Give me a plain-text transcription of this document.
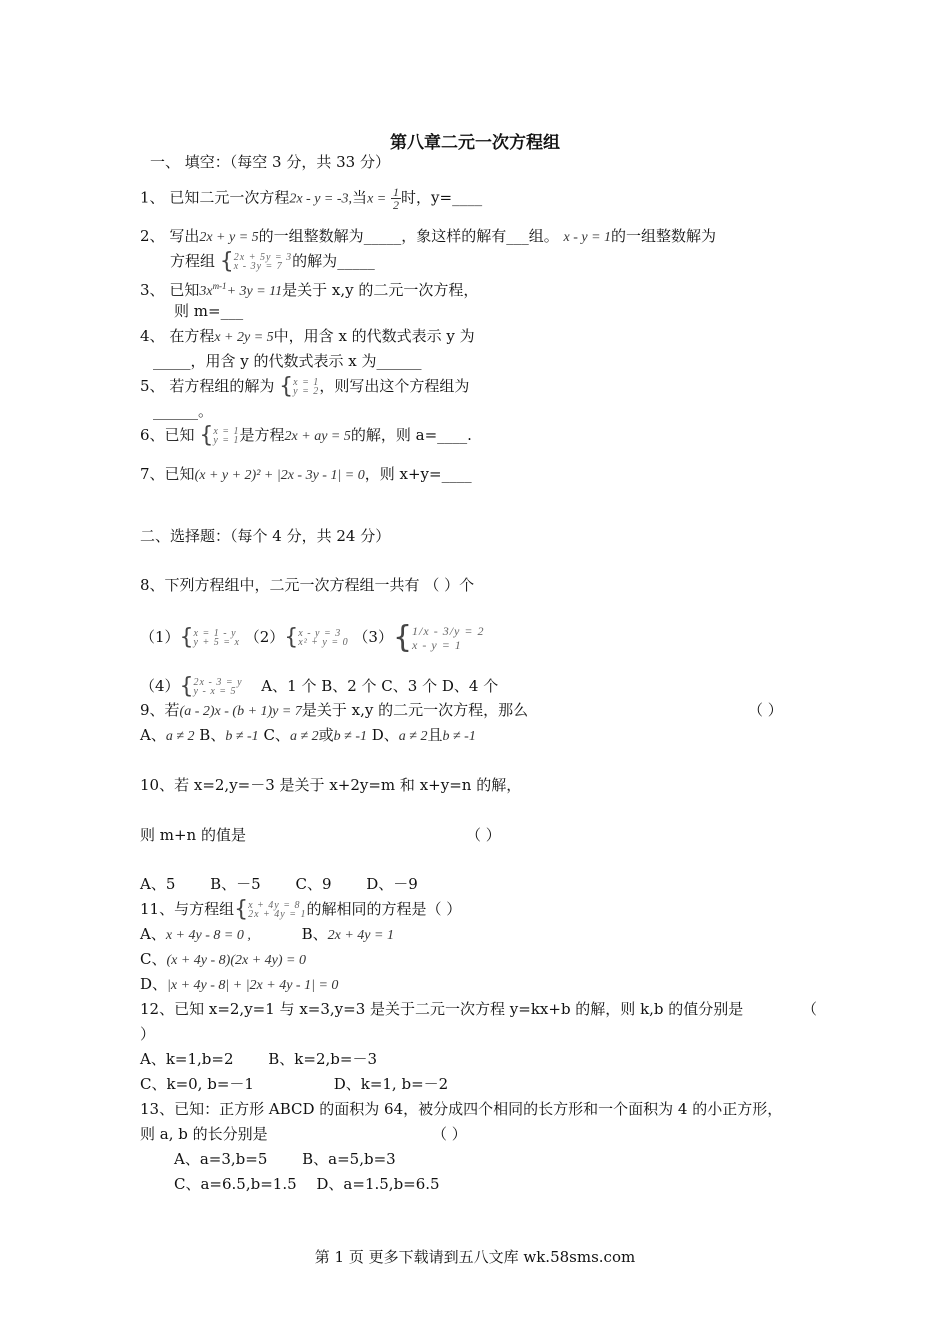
第八章二元一次方程组
一、 填空：（每空 3 分，共 33 分）
1、 已知二元一次方程2x - y = -3,当$x = \frac{1}{2}$ 时，y=____
2、 写出2x + y = 5的一组整数解为_____，象这样的解有___组。 x - y = 1的一组整数解为
方程组 {2x + 5y = 3
x - 3y = 7 的解为_____
3、 已知$3x^{m-1}+ 3y = 11$是关于 x,y 的二元一次方程，
则 m=___
4、 在方程x + 2y = 5中，用含 x 的代数式表示 y 为
_____，用含 y 的代数式表示 x 为______
5、 若方程组的解为 {x = 1
y = 2，则写出这个方程组为
______。
6、已知 {x = 1
y = 1是方程2x + ay = 5的解，则 a=____.
7、已知(x + y + 2)² + |2x - 3y - 1| = 0，则 x+y=____
二、选择题：（每个 4 分，共 24 分）
8、下列方程组中，二元一次方程组一共有 （ ）个
（1）{x = 1 - y
y + 5 = x （2）{x - y = 3
x² + y = 0 （3）{1/x - 3/y = 2
x - y = 1
（4）{2x - 3 = y
y - x = 5 A、1 个 B、2 个 C、3 个 D、4 个
9、若(a - 2)x - (b + 1)y = 7是关于 x,y 的二元一次方程，那么	（ ）
A、a ≠ 2 B、b ≠ -1 C、a ≠ 2或b ≠ -1 D、a ≠ 2且b ≠ -1
10、若 x=2,y=－3 是关于 x+2y=m 和 x+y=n 的解，
则 m+n 的值是	（ ）
A、5　　 B、－5　　 C、9　　 D、－9
11、与方程组{x + 4y = 8
2x + 4y = 1的解相同的方程是（ ）
A、x + 4y - 8 = 0 ,	B、2x + 4y = 1
C、(x + 4y - 8)(2x + 4y) = 0
D、|x + 4y - 8| + |2x + 4y - 1| = 0
12、已知 x=2,y=1 与 x=3,y=3 是关于二元一次方程 y=kx+b 的解，则 k,b 的值分别是	（
）
A、k=1,b=2　　 B、k=2,b=－3
C、k=0, b=－1　　　　　 D、k=1, b=－2
13、已知：正方形 ABCD 的面积为 64，被分成四个相同的长方形和一个面积为 4 的小正方形，
则 a, b 的长分别是	（ ）
A、a=3,b=5　　 B、a=5,b=3
C、a=6.5,b=1.5　 D、a=1.5,b=6.5
第 1 页 更多下载请到五八文库 wk.58sms.com
